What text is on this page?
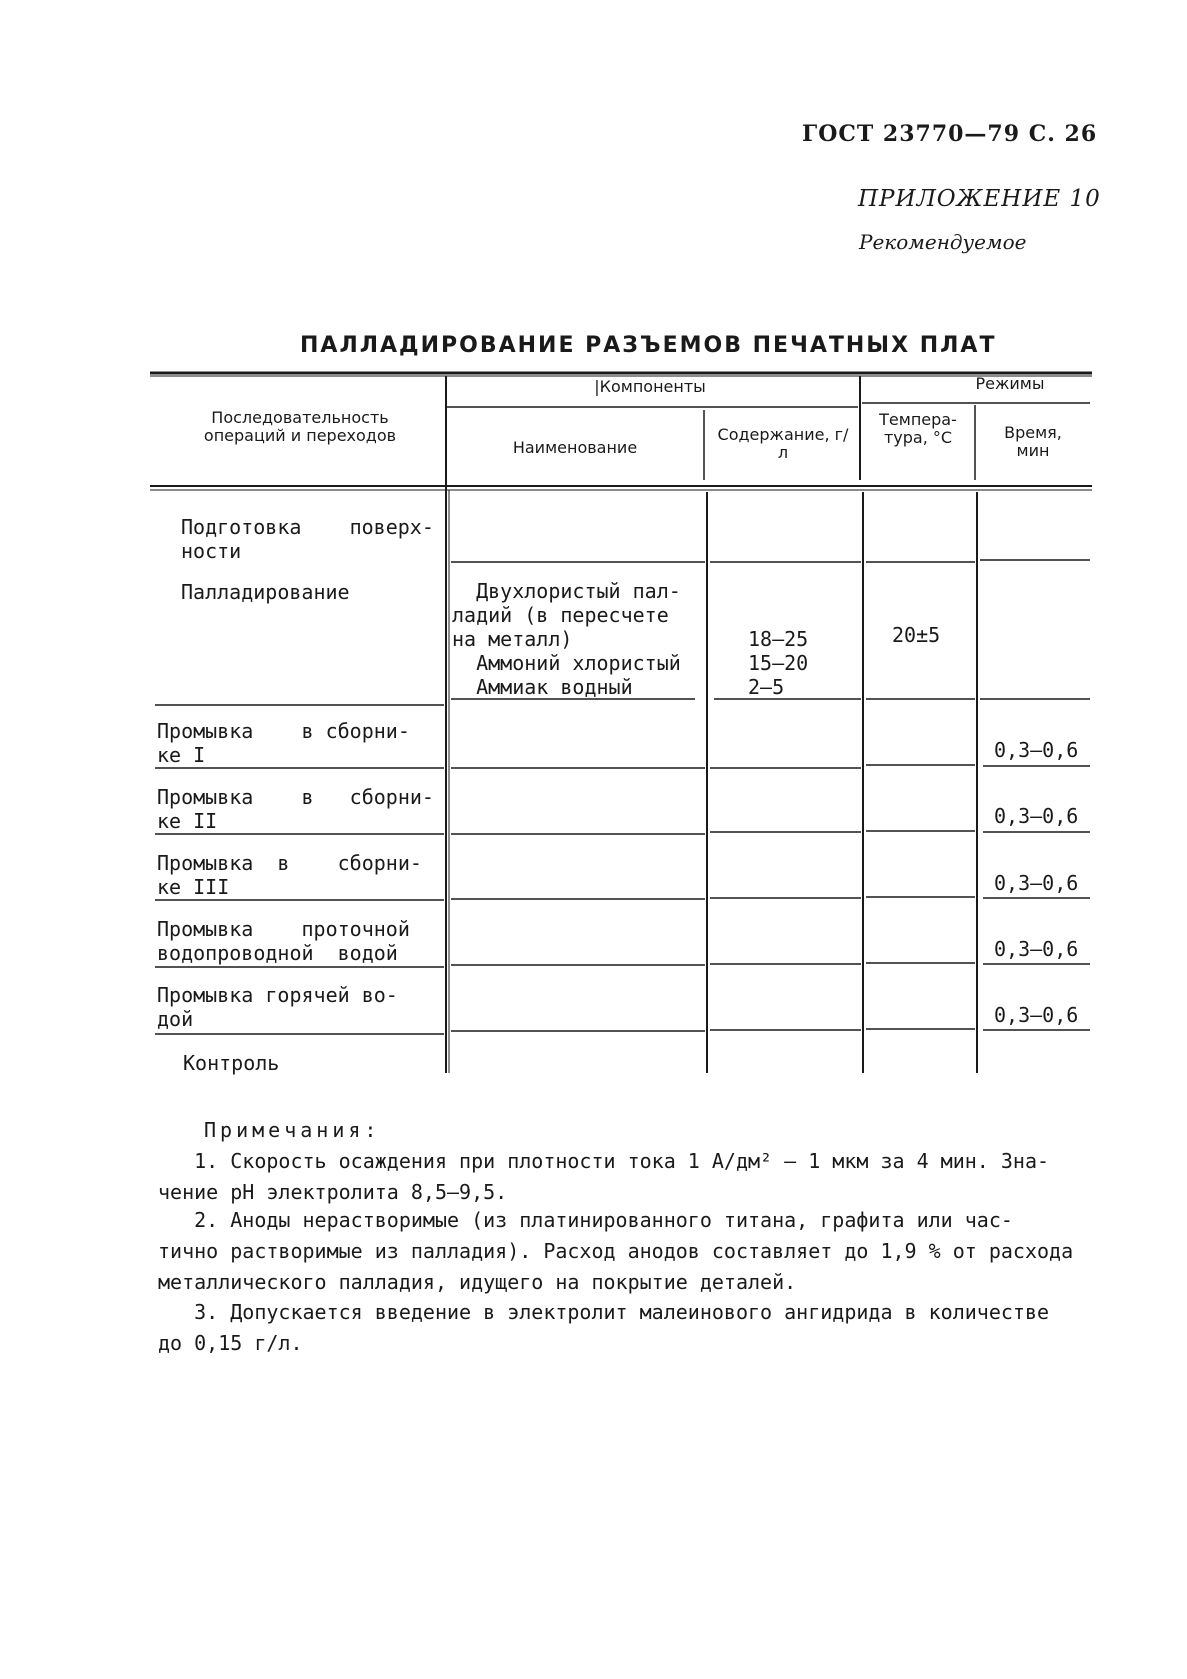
ГОСТ 23770—79 С. 26
ПРИЛОЖЕНИЕ 10
Рекомендуемое
ПАЛЛАДИРОВАНИЕ РАЗЪЕМОВ ПЕЧАТНЫХ ПЛАТ
Последовательность операций и переходов
|Компоненты	Режимы
Наименование
Содержание, г/л
Темпера- тура, °С	Время, мин
Подготовка    поверх-
ности
Палладирование
Промывка    в сборни-
ке I
Промывка    в   сборни-
ке II
Промывка  в    сборни-
ке III
Промывка    проточной
водопроводной  водой
Промывка горячей во-
дой
Контроль
Двухлористый пал-
ладий (в пересчете
на металл)
Аммоний хлористый
Аммиак водный

18—25
15—20
2—5

20±5
0,3—0,6
0,3—0,6
0,3—0,6
0,3—0,6
0,3—0,6
Примечания:
1. Скорость осаждения при плотности тока 1 А/дм² — 1 мкм за 4 мин. Зна-
чение pH электролита 8,5—9,5.
2. Аноды нерастворимые (из платинированного титана, графита или час-
тично растворимые из палладия). Расход анодов составляет до 1,9 % от расхода
металлического палладия, идущего на покрытие деталей.
3. Допускается введение в электролит малеинового ангидрида в количестве
до 0,15 г/л.
